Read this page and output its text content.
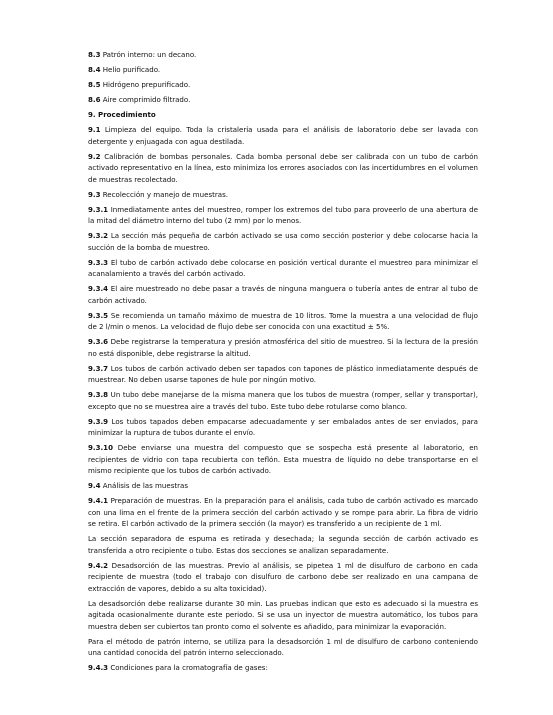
8.3 Patrón interno: un decano.

8.4 Helio purificado.

8.5 Hidrógeno prepurificado.

8.6 Aire comprimido filtrado.

9. Procedimiento

9.1 Limpieza del equipo. Toda la cristalería usada para el análisis de laboratorio debe ser lavada con detergente y enjuagada con agua destilada.

9.2 Calibración de bombas personales. Cada bomba personal debe ser calibrada con un tubo de carbón activado representativo en la línea, esto minimiza los errores asociados con las incertidumbres en el volumen de muestras recolectado.

9.3 Recolección y manejo de muestras.

9.3.1 Inmediatamente antes del muestreo, romper los extremos del tubo para proveerlo de una abertura de la mitad del diámetro interno del tubo (2 mm) por lo menos.

9.3.2 La sección más pequeña de carbón activado se usa como sección posterior y debe colocarse hacia la succión de la bomba de muestreo.

9.3.3 El tubo de carbón activado debe colocarse en posición vertical durante el muestreo para minimizar el acanalamiento a través del carbón activado.

9.3.4 El aire muestreado no debe pasar a través de ninguna manguera o tubería antes de entrar al tubo de carbón activado.

9.3.5 Se recomienda un tamaño máximo de muestra de 10 litros. Tome la muestra a una velocidad de flujo de 2 l/min o menos. La velocidad de flujo debe ser conocida con una exactitud ± 5%.

9.3.6 Debe registrarse la temperatura y presión atmosférica del sitio de muestreo. Si la lectura de la presión no está disponible, debe registrarse la altitud.

9.3.7 Los tubos de carbón activado deben ser tapados con tapones de plástico inmediatamente después de muestrear. No deben usarse tapones de hule por ningún motivo.

9.3.8 Un tubo debe manejarse de la misma manera que los tubos de muestra (romper, sellar y transportar), excepto que no se muestrea aire a través del tubo. Este tubo debe rotularse como blanco.

9.3.9 Los tubos tapados deben empacarse adecuadamente y ser embalados antes de ser enviados, para minimizar la ruptura de tubos durante el envío.

9.3.10 Debe enviarse una muestra del compuesto que se sospecha está presente al laboratorio, en recipientes de vidrio con tapa recubierta con teflón. Esta muestra de líquido no debe transportarse en el mismo recipiente que los tubos de carbón activado.

9.4 Análisis de las muestras

9.4.1 Preparación de muestras. En la preparación para el análisis, cada tubo de carbón activado es marcado con una lima en el frente de la primera sección del carbón activado y se rompe para abrir. La fibra de vidrio se retira. El carbón activado de la primera sección (la mayor) es transferido a un recipiente de 1 ml.

La sección separadora de espuma es retirada y desechada; la segunda sección de carbón activado es transferida a otro recipiente o tubo. Estas dos secciones se analizan separadamente.

9.4.2 Desadsorción de las muestras. Previo al análisis, se pipetea 1 ml de disulfuro de carbono en cada recipiente de muestra (todo el trabajo con disulfuro de carbono debe ser realizado en una campana de extracción de vapores, debido a su alta toxicidad).

La desadsorción debe realizarse durante 30 min. Las pruebas indican que esto es adecuado si la muestra es agitada ocasionalmente durante este periodo. Si se usa un inyector de muestra automático, los tubos para muestra deben ser cubiertos tan pronto como el solvente es añadido, para minimizar la evaporación.

Para el método de patrón interno, se utiliza para la desadsorción 1 ml de disulfuro de carbono conteniendo una cantidad conocida del patrón interno seleccionado.

9.4.3 Condiciones para la cromatografía de gases:
